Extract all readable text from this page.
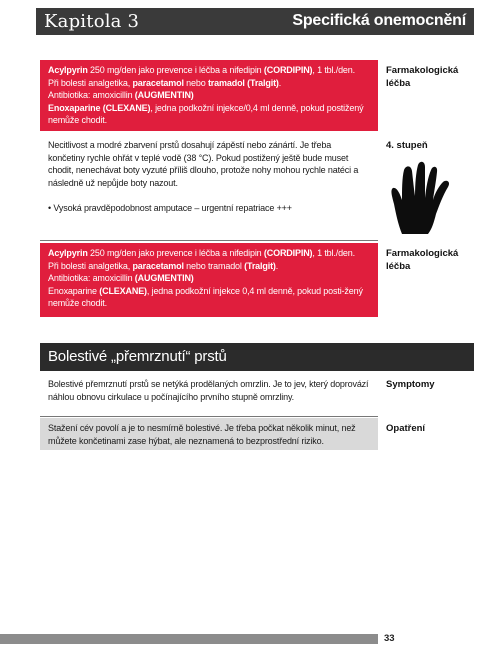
Kapitola 3	Specifická onemocnění

Acylpyrin 250 mg/den jako prevence i léčba a nifedipin (CORDIPIN), 1 tbl./den.

Při bolesti analgetika, paracetamol nebo tramadol (Tralgit).

Antibiotika: amoxicillin (AUGMENTIN)

Enoxaparine (CLEXANE), jedna podkožní injekce/0,4 ml denně, pokud postižený nemůže chodit.

Farmakologická léčba

Necitlivost a modré zbarvení prstů dosahují zápěstí nebo zánártí. Je třeba končetiny rychle ohřát v teplé vodě (38 °C). Pokud postižený ještě bude muset chodit, nenechávat boty vyzuté příliš dlouho, protože nohy mohou rychle natéci a následně už nepůjde boty nazout.

• Vysoká pravděpodobnost amputace – urgentní repatriace +++

4. stupeň

Acylpyrin 250 mg/den jako prevence i léčba a nifedipin (CORDIPIN), 1 tbl./den.

Při bolesti analgetika, paracetamol nebo tramadol (Tralgit).

Antibiotika: amoxicillin (AUGMENTIN)

Enoxaparine (CLEXANE), jedna podkožní injekce 0,4 ml denně, pokud posti-žený nemůže chodit.

Farmakologická léčba
Bolestivé „přemrznutí“ prstů

Bolestivé přemrznutí prstů se netýká prodělaných omrzlin. Je to jev, který doprovází náhlou obnovu cirkulace u počínajícího prvního stupně omrzliny.

Symptomy

Stažení cév povolí a je to nesmírně bolestivé. Je třeba počkat několik minut, než můžete končetinami zase hýbat, ale neznamená to bezprostřední riziko.

Opatření
33
